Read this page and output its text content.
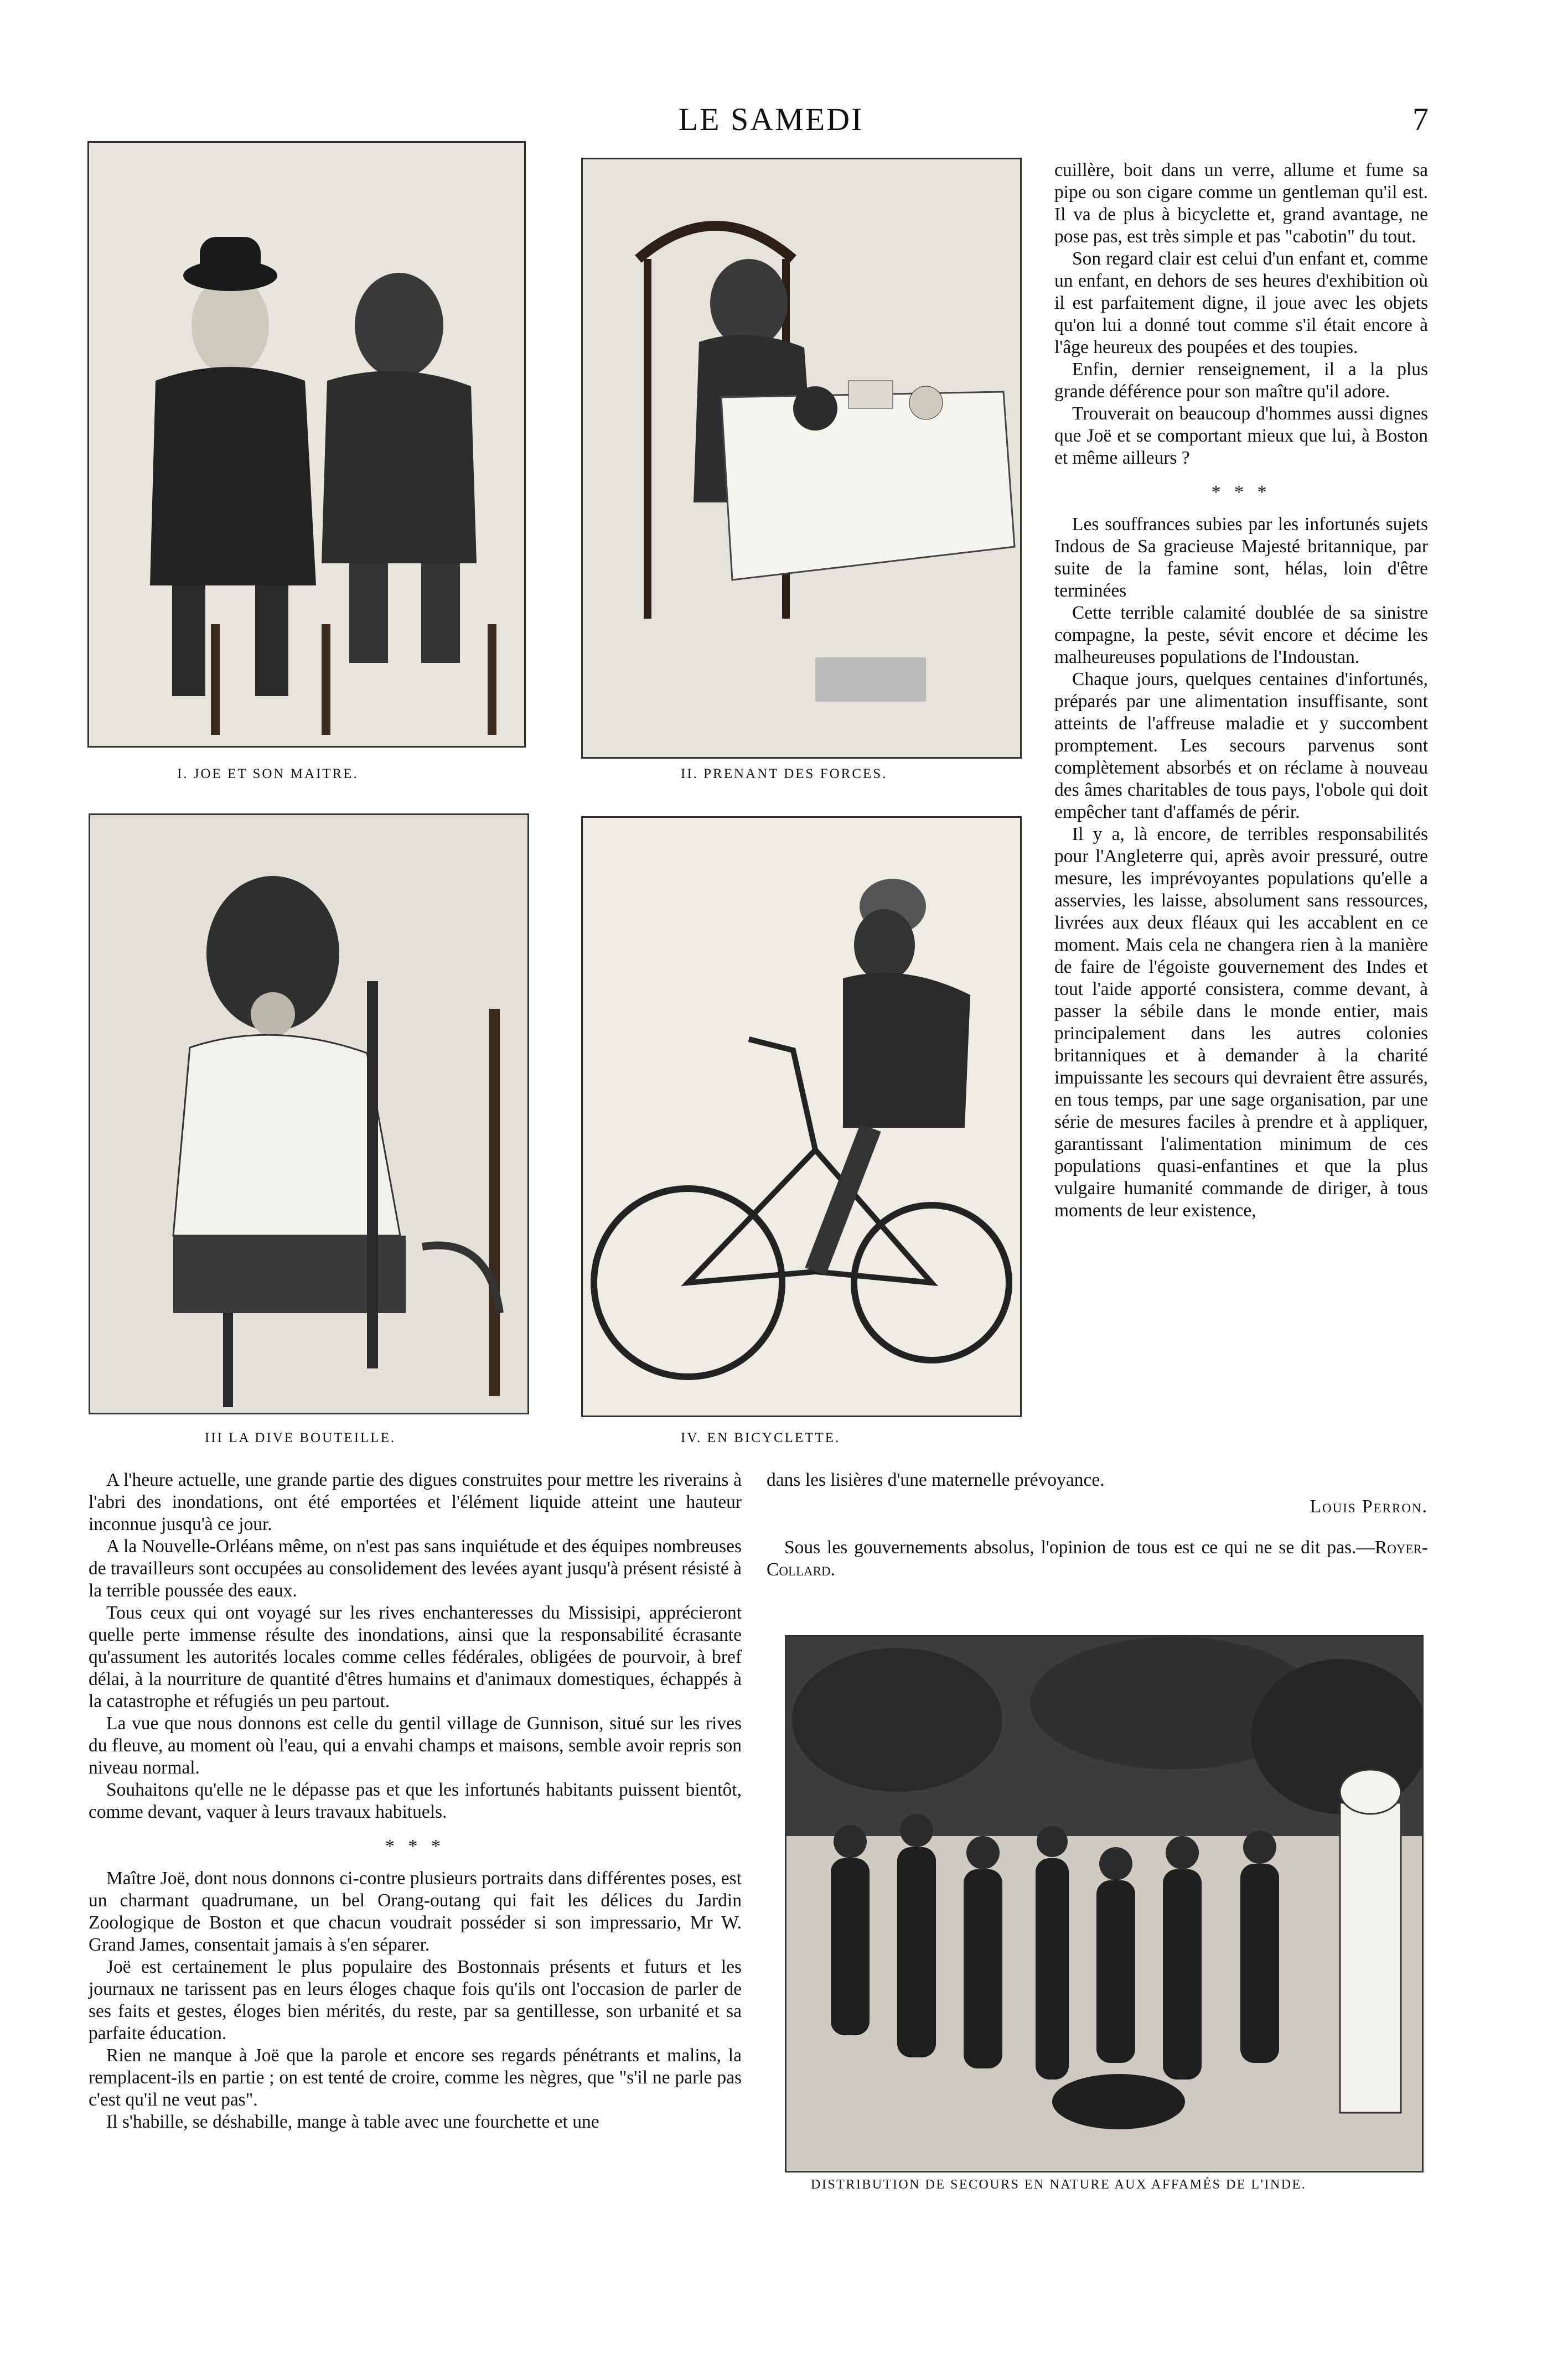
LE SAMEDI	7
I. JOE ET SON MAITRE.	II. PRENANT DES FORCES.
III LA DIVE BOUTEILLE.	IV. EN BICYCLETTE.

cuillère, boit dans un verre, allume et fume sa pipe ou son cigare comme un gentleman qu'il est. Il va de plus à bicyclette et, grand avantage, ne pose pas, est très simple et pas "cabotin" du tout.

Son regard clair est celui d'un enfant et, comme un enfant, en dehors de ses heures d'exhibition où il est parfaitement digne, il joue avec les objets qu'on lui a donné tout comme s'il était encore à l'âge heureux des poupées et des toupies.

Enfin, dernier renseignement, il a la plus grande déférence pour son maître qu'il adore.

Trouverait on beaucoup d'hommes aussi dignes que Joë et se comportant mieux que lui, à Boston et même ailleurs ?

* * *

Les souffrances subies par les infortunés sujets Indous de Sa gracieuse Majesté britannique, par suite de la famine sont, hélas, loin d'être terminées

Cette terrible calamité doublée de sa sinistre compagne, la peste, sévit encore et décime les malheureuses populations de l'Indoustan.

Chaque jours, quelques centaines d'infortunés, préparés par une alimentation insuffisante, sont atteints de l'affreuse maladie et y succombent promptement. Les secours parvenus sont complètement absorbés et on réclame à nouveau des âmes charitables de tous pays, l'obole qui doit empêcher tant d'affamés de périr.

Il y a, là encore, de terribles responsabilités pour l'Angleterre qui, après avoir pressuré, outre mesure, les imprévoyantes populations qu'elle a asservies, les laisse, absolument sans ressources, livrées aux deux fléaux qui les accablent en ce moment. Mais cela ne changera rien à la manière de faire de l'égoiste gouvernement des Indes et tout l'aide apporté consistera, comme devant, à passer la sébile dans le monde entier, mais principalement dans les autres colonies britanniques et à demander à la charité impuissante les secours qui devraient être assurés, en tous temps, par une sage organisation, par une série de mesures faciles à prendre et à appliquer, garantissant l'alimentation minimum de ces populations quasi-enfantines et que la plus vulgaire humanité commande de diriger, à tous moments de leur existence,

dans les lisières d'une maternelle prévoyance.

Louis Perron.

Sous les gouvernements absolus, l'opinion de tous est ce qui ne se dit pas.—Royer-Collard.

DISTRIBUTION DE SECOURS EN NATURE AUX AFFAMÉS DE L'INDE.

A l'heure actuelle, une grande partie des digues construites pour mettre les riverains à l'abri des inondations, ont été emportées et l'élément liquide atteint une hauteur inconnue jusqu'à ce jour.

A la Nouvelle-Orléans même, on n'est pas sans inquiétude et des équipes nombreuses de travailleurs sont occupées au consolidement des levées ayant jusqu'à présent résisté à la terrible poussée des eaux.

Tous ceux qui ont voyagé sur les rives enchanteresses du Missisipi, apprécieront quelle perte immense résulte des inondations, ainsi que la responsabilité écrasante qu'assument les autorités locales comme celles fédérales, obligées de pourvoir, à bref délai, à la nourriture de quantité d'êtres humains et d'animaux domestiques, échappés à la catastrophe et réfugiés un peu partout.

La vue que nous donnons est celle du gentil village de Gunnison, situé sur les rives du fleuve, au moment où l'eau, qui a envahi champs et maisons, semble avoir repris son niveau normal.

Souhaitons qu'elle ne le dépasse pas et que les infortunés habitants puissent bientôt, comme devant, vaquer à leurs travaux habituels.

* * *

Maître Joë, dont nous donnons ci-contre plusieurs portraits dans différentes poses, est un charmant quadrumane, un bel Orang-outang qui fait les délices du Jardin Zoologique de Boston et que chacun voudrait posséder si son impressario, Mr W. Grand James, consentait jamais à s'en séparer.

Joë est certainement le plus populaire des Bostonnais présents et futurs et les journaux ne tarissent pas en leurs éloges chaque fois qu'ils ont l'occasion de parler de ses faits et gestes, éloges bien mérités, du reste, par sa gentillesse, son urbanité et sa parfaite éducation.

Rien ne manque à Joë que la parole et encore ses regards pénétrants et malins, la remplacent-ils en partie ; on est tenté de croire, comme les nègres, que "s'il ne parle pas c'est qu'il ne veut pas".

Il s'habille, se déshabille, mange à table avec une fourchette et une
